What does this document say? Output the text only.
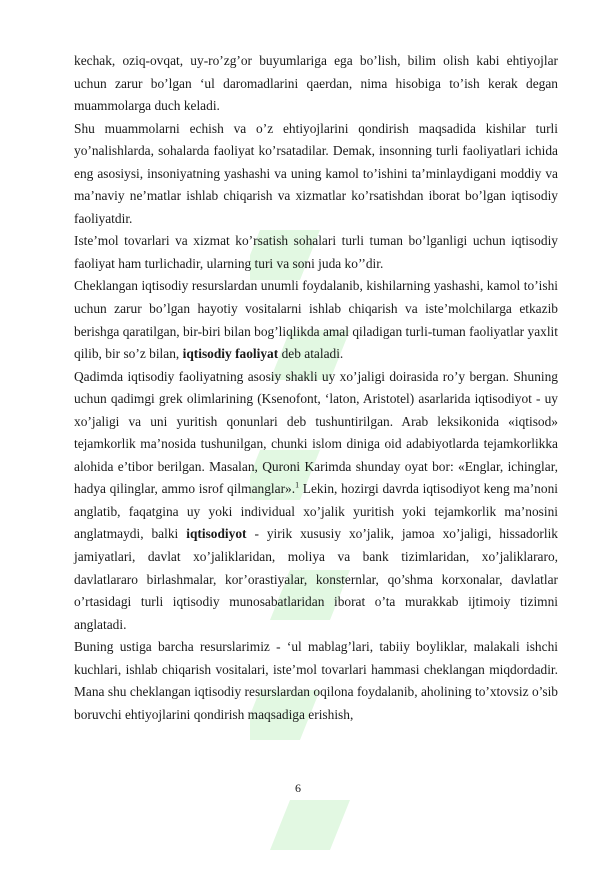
kechak, oziq-ovqat, uy-ro’zg’or buyumlariga ega bo’lish, bilim olish kabi ehtiyojlar uchun zarur bo’lgan ‘ul daromadlarini qaerdan, nima hisobiga to’ish kerak degan muammolarga duch keladi.

Shu muammolarni echish va o’z ehtiyojlarini qondirish maqsadida kishilar turli yo’nalishlarda, sohalarda faoliyat ko’rsatadilar. Demak, insonning turli faoliyatlari ichida eng asosiysi, insoniyatning yashashi va uning kamol to’ishini ta’minlaydigani moddiy va ma’naviy ne’matlar ishlab chiqarish va xizmatlar ko’rsatishdan iborat bo’lgan iqtisodiy faoliyatdir.

Iste’mol tovarlari va xizmat ko’rsatish sohalari turli tuman bo’lganligi uchun iqtisodiy faoliyat ham turlichadir, ularning turi va soni juda ko’’dir.

Cheklangan iqtisodiy resurslardan unumli foydalanib, kishilarning yashashi, kamol to’ishi uchun zarur bo’lgan hayotiy vositalarni ishlab chiqarish va iste’molchilarga etkazib berishga qaratilgan, bir-biri bilan bog’liqlikda amal qiladigan turli-tuman faoliyatlar yaxlit qilib, bir so’z bilan, iqtisodiy faoliyat deb ataladi.

Qadimda iqtisodiy faoliyatning asosiy shakli uy xo’jaligi doirasida ro’y bergan. Shuning uchun qadimgi grek olimlarining (Ksenofont, ‘laton, Aristotel) asarlarida iqtisodiyot - uy xo’jaligi va uni yuritish qonunlari deb tushuntirilgan. Arab leksikonida «iqtisod» tejamkorlik ma’nosida tushunilgan, chunki islom diniga oid adabiyotlarda tejamkorlikka alohida e’tibor berilgan. Masalan, Quroni Karimda shunday oyat bor: «Englar, ichinglar, hadya qilinglar, ammo isrof qilmanglar».$^1$ Lekin, hozirgi davrda iqtisodiyot keng ma’noni anglatib, faqatgina uy yoki individual xo’jalik yuritish yoki tejamkorlik ma’nosini anglatmaydi, balki iqtisodiyot - yirik xususiy xo’jalik, jamoa xo’jaligi, hissadorlik jamiyatlari, davlat xo’jaliklaridan, moliya va bank tizimlaridan, xo’jaliklararo, davlatlararo birlashmalar, kor’orastiyalar, konsternlar, qo’shma korxonalar, davlatlar o’rtasidagi turli iqtisodiy munosabatlaridan iborat o’ta murakkab ijtimoiy tizimni anglatadi.

Buning ustiga barcha resurslarimiz - ‘ul mablag’lari, tabiiy boyliklar, malakali ishchi kuchlari, ishlab chiqarish vositalari, iste’mol tovarlari hammasi cheklangan miqdordadir. Mana shu cheklangan iqtisodiy resurslardan oqilona foydalanib, aholining to’xtovsiz o’sib boruvchi ehtiyojlarini qondirish maqsadiga erishish,

6
